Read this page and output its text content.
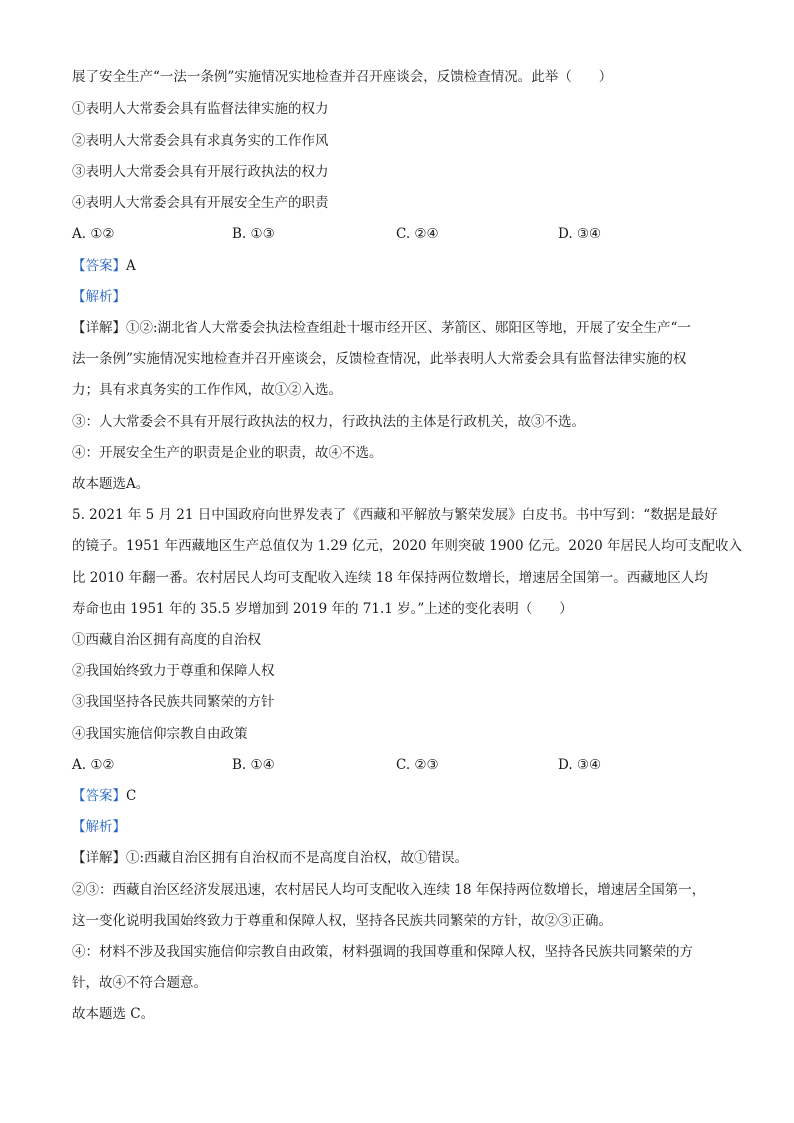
展了安全生产“一法一条例”实施情况实地检查并召开座谈会，反馈检查情况。此举（　　）
①表明人大常委会具有监督法律实施的权力
②表明人大常委会具有求真务实的工作作风
③表明人大常委会具有开展行政执法的权力
④表明人大常委会具有开展安全生产的职责
A. ①②	B. ①③	C. ②④	D. ③④
【答案】A
【解析】
【详解】①②:湖北省人大常委会执法检查组赴十堰市经开区、茅箭区、郧阳区等地，开展了安全生产“一
法一条例”实施情况实地检查并召开座谈会，反馈检查情况，此举表明人大常委会具有监督法律实施的权
力；具有求真务实的工作作风，故①②入选。
③：人大常委会不具有开展行政执法的权力，行政执法的主体是行政机关，故③不选。
④：开展安全生产的职责是企业的职责，故④不选。
故本题选A。
5. 2021 年 5 月 21 日中国政府向世界发表了《西藏和平解放与繁荣发展》白皮书。书中写到：“数据是最好
的镜子。1951 年西藏地区生产总值仅为 1.29 亿元，2020 年则突破 1900 亿元。2020 年居民人均可支配收入
比 2010 年翻一番。农村居民人均可支配收入连续 18 年保持两位数增长，增速居全国第一。西藏地区人均
寿命也由 1951 年的 35.5 岁增加到 2019 年的 71.1 岁。”上述的变化表明（　　）
①西藏自治区拥有高度的自治权
②我国始终致力于尊重和保障人权
③我国坚持各民族共同繁荣的方针
④我国实施信仰宗教自由政策
A. ①②	B. ①④	C. ②③	D. ③④
【答案】C
【解析】
【详解】①:西藏自治区拥有自治权而不是高度自治权，故①错误。
②③：西藏自治区经济发展迅速，农村居民人均可支配收入连续 18 年保持两位数增长，增速居全国第一，
这一变化说明我国始终致力于尊重和保障人权，坚持各民族共同繁荣的方针，故②③正确。
④：材料不涉及我国实施信仰宗教自由政策，材料强调的我国尊重和保障人权，坚持各民族共同繁荣的方
针，故④不符合题意。
故本题选 C。
